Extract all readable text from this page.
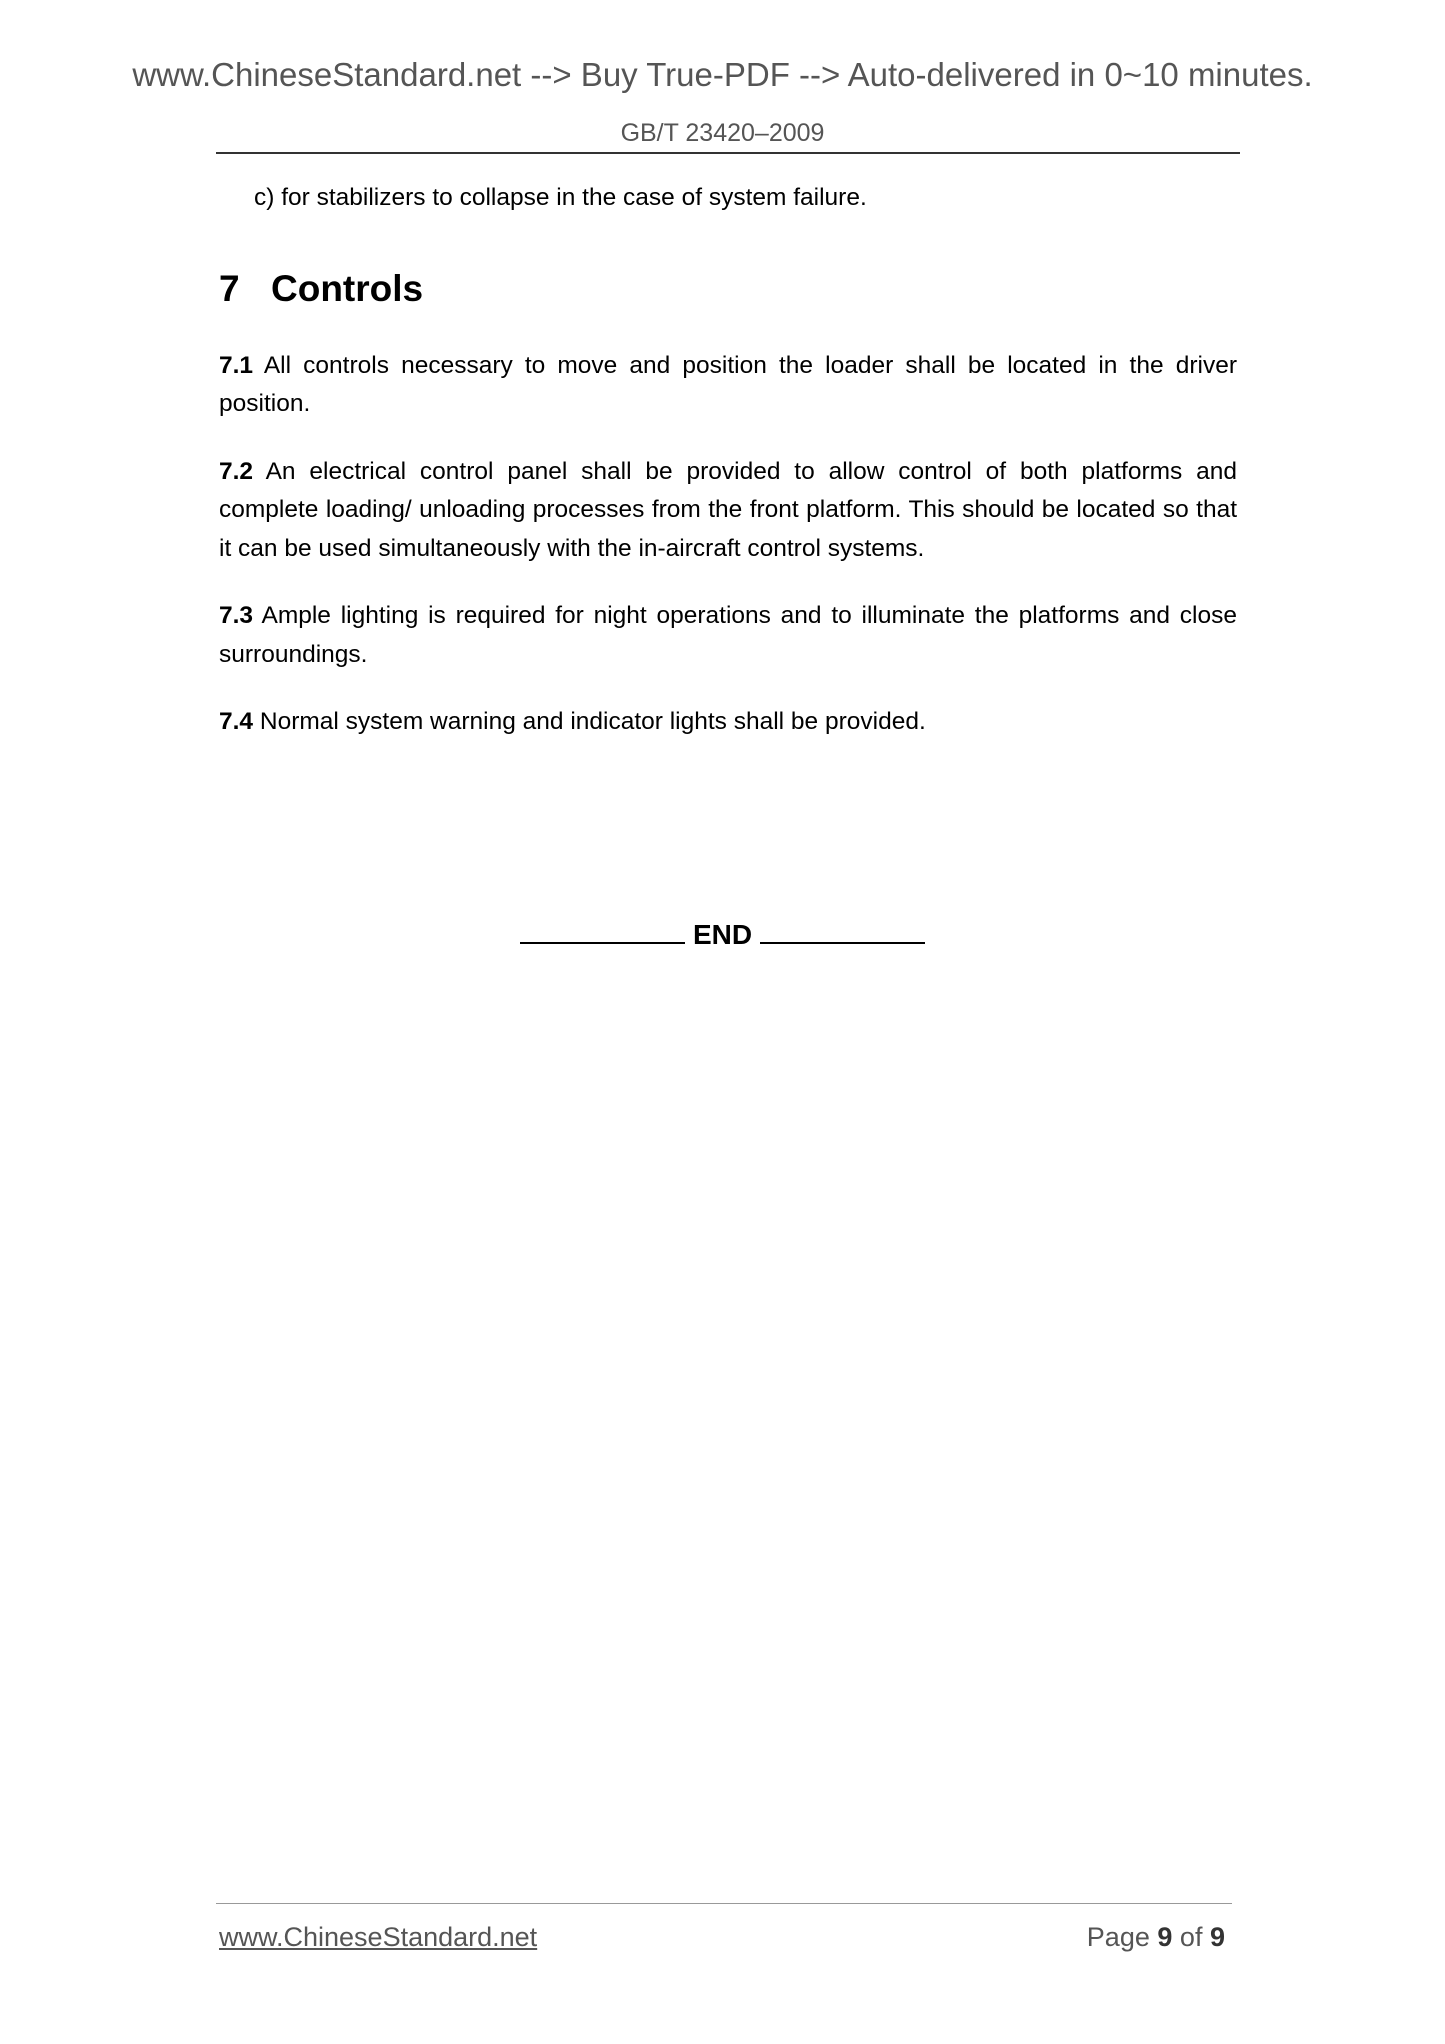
www.ChineseStandard.net --> Buy True-PDF --> Auto-delivered in 0~10 minutes.
GB/T 23420–2009

c) for stabilizers to collapse in the case of system failure.

7 Controls

7.1 All controls necessary to move and position the loader shall be located in the driver position.

7.2 An electrical control panel shall be provided to allow control of both platforms and complete loading/ unloading processes from the front platform. This should be located so that it can be used simultaneously with the in-aircraft control systems.

7.3 Ample lighting is required for night operations and to illuminate the platforms and close surroundings.

7.4 Normal system warning and indicator lights shall be provided.

END
www.ChineseStandard.net	Page 9 of 9
